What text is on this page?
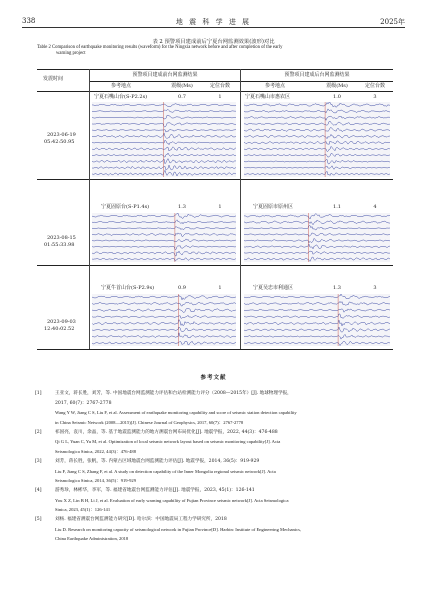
338	地 震 科 学 进 展	2025年
表 2 预警项目建成前后宁夏台网监测效果(波形)对比
Table 2 Comparison of earthquake monitoring results (waveform) for the Ningxia network before and after completion of the early
warning project
发震时间
预警项目建成前台网监测结果	预警项目建成后台网监测结果
参考地点	震级(Ms)	定位台数	参考地点	震级(Ms)	定位台数
2023-06-19
05:42:50.95
宁夏石嘴山台(S-P2.2s)	0.7	1	宁夏石嘴山市惠农区	1.0	3
2023-08-15
01:55:33.98
宁夏固原台(S-P1.4s)	1.3	1	宁夏固原市原州区	1.1	4
2023-09-03
12:40:02.52
宁夏牛首山台(S-P2.9s)	0.9	1	宁夏吴忠市利通区	1.3	3
参考文献
[1]	王亚文，蒋长胜，刘芳，等. 中国地震台网监测能力评估和台站检测能力评分（2008—2015年）[J]. 地球物理学报，
2017, 60(7)：2767-2778
Wang Y W, Jiang C S, Liu F, et al. Assessment of earthquake monitoring capability and score of seismic station detection capability
in China Seismic Network (2008—2015)[J]. Chinese Journal of Geophysics, 2017, 60(7)：2767-2778
[2]	祁国亮，袁川，余晶，等. 基于地震监测能力的地方测震台网布局优化[J]. 地震学报，2022, 44(3)：476-488
Qi G L, Yuan C, Yu M, et al. Optimization of local seismic network layout based on seismic monitoring capability[J]. Acta
Seismologica Sinica, 2022, 44(3)：476-488
[3]	刘芳，蒋长胜，张帆，等. 内蒙古区域地震台网监测能力评估[J]. 地震学报，2014, 36(5)：919-929
Liu F, Jiang C S, Zhang F, et al. A study on detection capability of the Inner Mongolia regional seismic network[J]. Acta
Seismologica Sinica, 2014, 36(5)：919-929
[4]	游秀珍，林彬华，李军，等. 福建省地震台网监测能力评估[J]. 地震学报，2023, 45(1)：126-141
You X Z, Lin B H, Li J, et al. Evaluation of early warning capability of Fujian Province seismic network[J]. Acta Seismologica
Sinica, 2023, 45(1)：126-141
[5]	刘杨. 福建省测震台网监测能力研究[D]. 哈尔滨：中国地震局工程力学研究所，2018
Liu D. Research on monitoring capacity of seismological network in Fujian Province[D]. Harbin: Institute of Engineering Mechanics,
China Earthquake Administration, 2018
